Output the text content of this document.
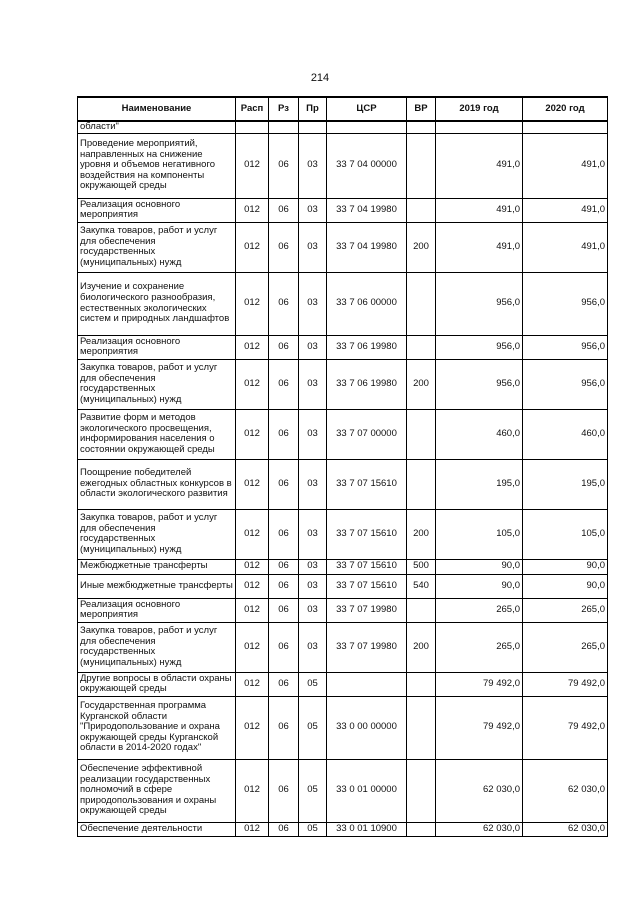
214
Наименование	Расп	Рз	Пр	ЦСР	ВР	2019 год	2020 год
области"							
Проведение мероприятий, направленных на снижение уровня и объемов негативного воздействия на компоненты окружающей среды	012	06	03	33 7 04 00000		491,0	491,0
Реализация основного мероприятия	012	06	03	33 7 04 19980		491,0	491,0
Закупка товаров, работ и услуг для обеспечения государственных (муниципальных) нужд	012	06	03	33 7 04 19980	200	491,0	491,0
Изучение и сохранение биологического разнообразия, естественных экологических систем и природных ландшафтов	012	06	03	33 7 06 00000		956,0	956,0
Реализация основного мероприятия	012	06	03	33 7 06 19980		956,0	956,0
Закупка товаров, работ и услуг для обеспечения государственных (муниципальных) нужд	012	06	03	33 7 06 19980	200	956,0	956,0
Развитие форм и методов экологического просвещения, информирования населения о состоянии окружающей среды	012	06	03	33 7 07 00000		460,0	460,0
Поощрение победителей ежегодных областных конкурсов в области экологического развития	012	06	03	33 7 07 15610		195,0	195,0
Закупка товаров, работ и услуг для обеспечения государственных (муниципальных) нужд	012	06	03	33 7 07 15610	200	105,0	105,0
Межбюджетные трансферты	012	06	03	33 7 07 15610	500	90,0	90,0
Иные межбюджетные трансферты	012	06	03	33 7 07 15610	540	90,0	90,0
Реализация основного мероприятия	012	06	03	33 7 07 19980		265,0	265,0
Закупка товаров, работ и услуг для обеспечения государственных (муниципальных) нужд	012	06	03	33 7 07 19980	200	265,0	265,0
Другие вопросы в области охраны окружающей среды	012	06	05			79 492,0	79 492,0
Государственная программа Курганской области "Природопользование и охрана окружающей среды Курганской области в 2014-2020 годах"	012	06	05	33 0 00 00000		79 492,0	79 492,0
Обеспечение эффективной реализации государственных полномочий в сфере природопользования и охраны окружающей среды	012	06	05	33 0 01 00000		62 030,0	62 030,0
Обеспечение деятельности	012	06	05	33 0 01 10900		62 030,0	62 030,0
